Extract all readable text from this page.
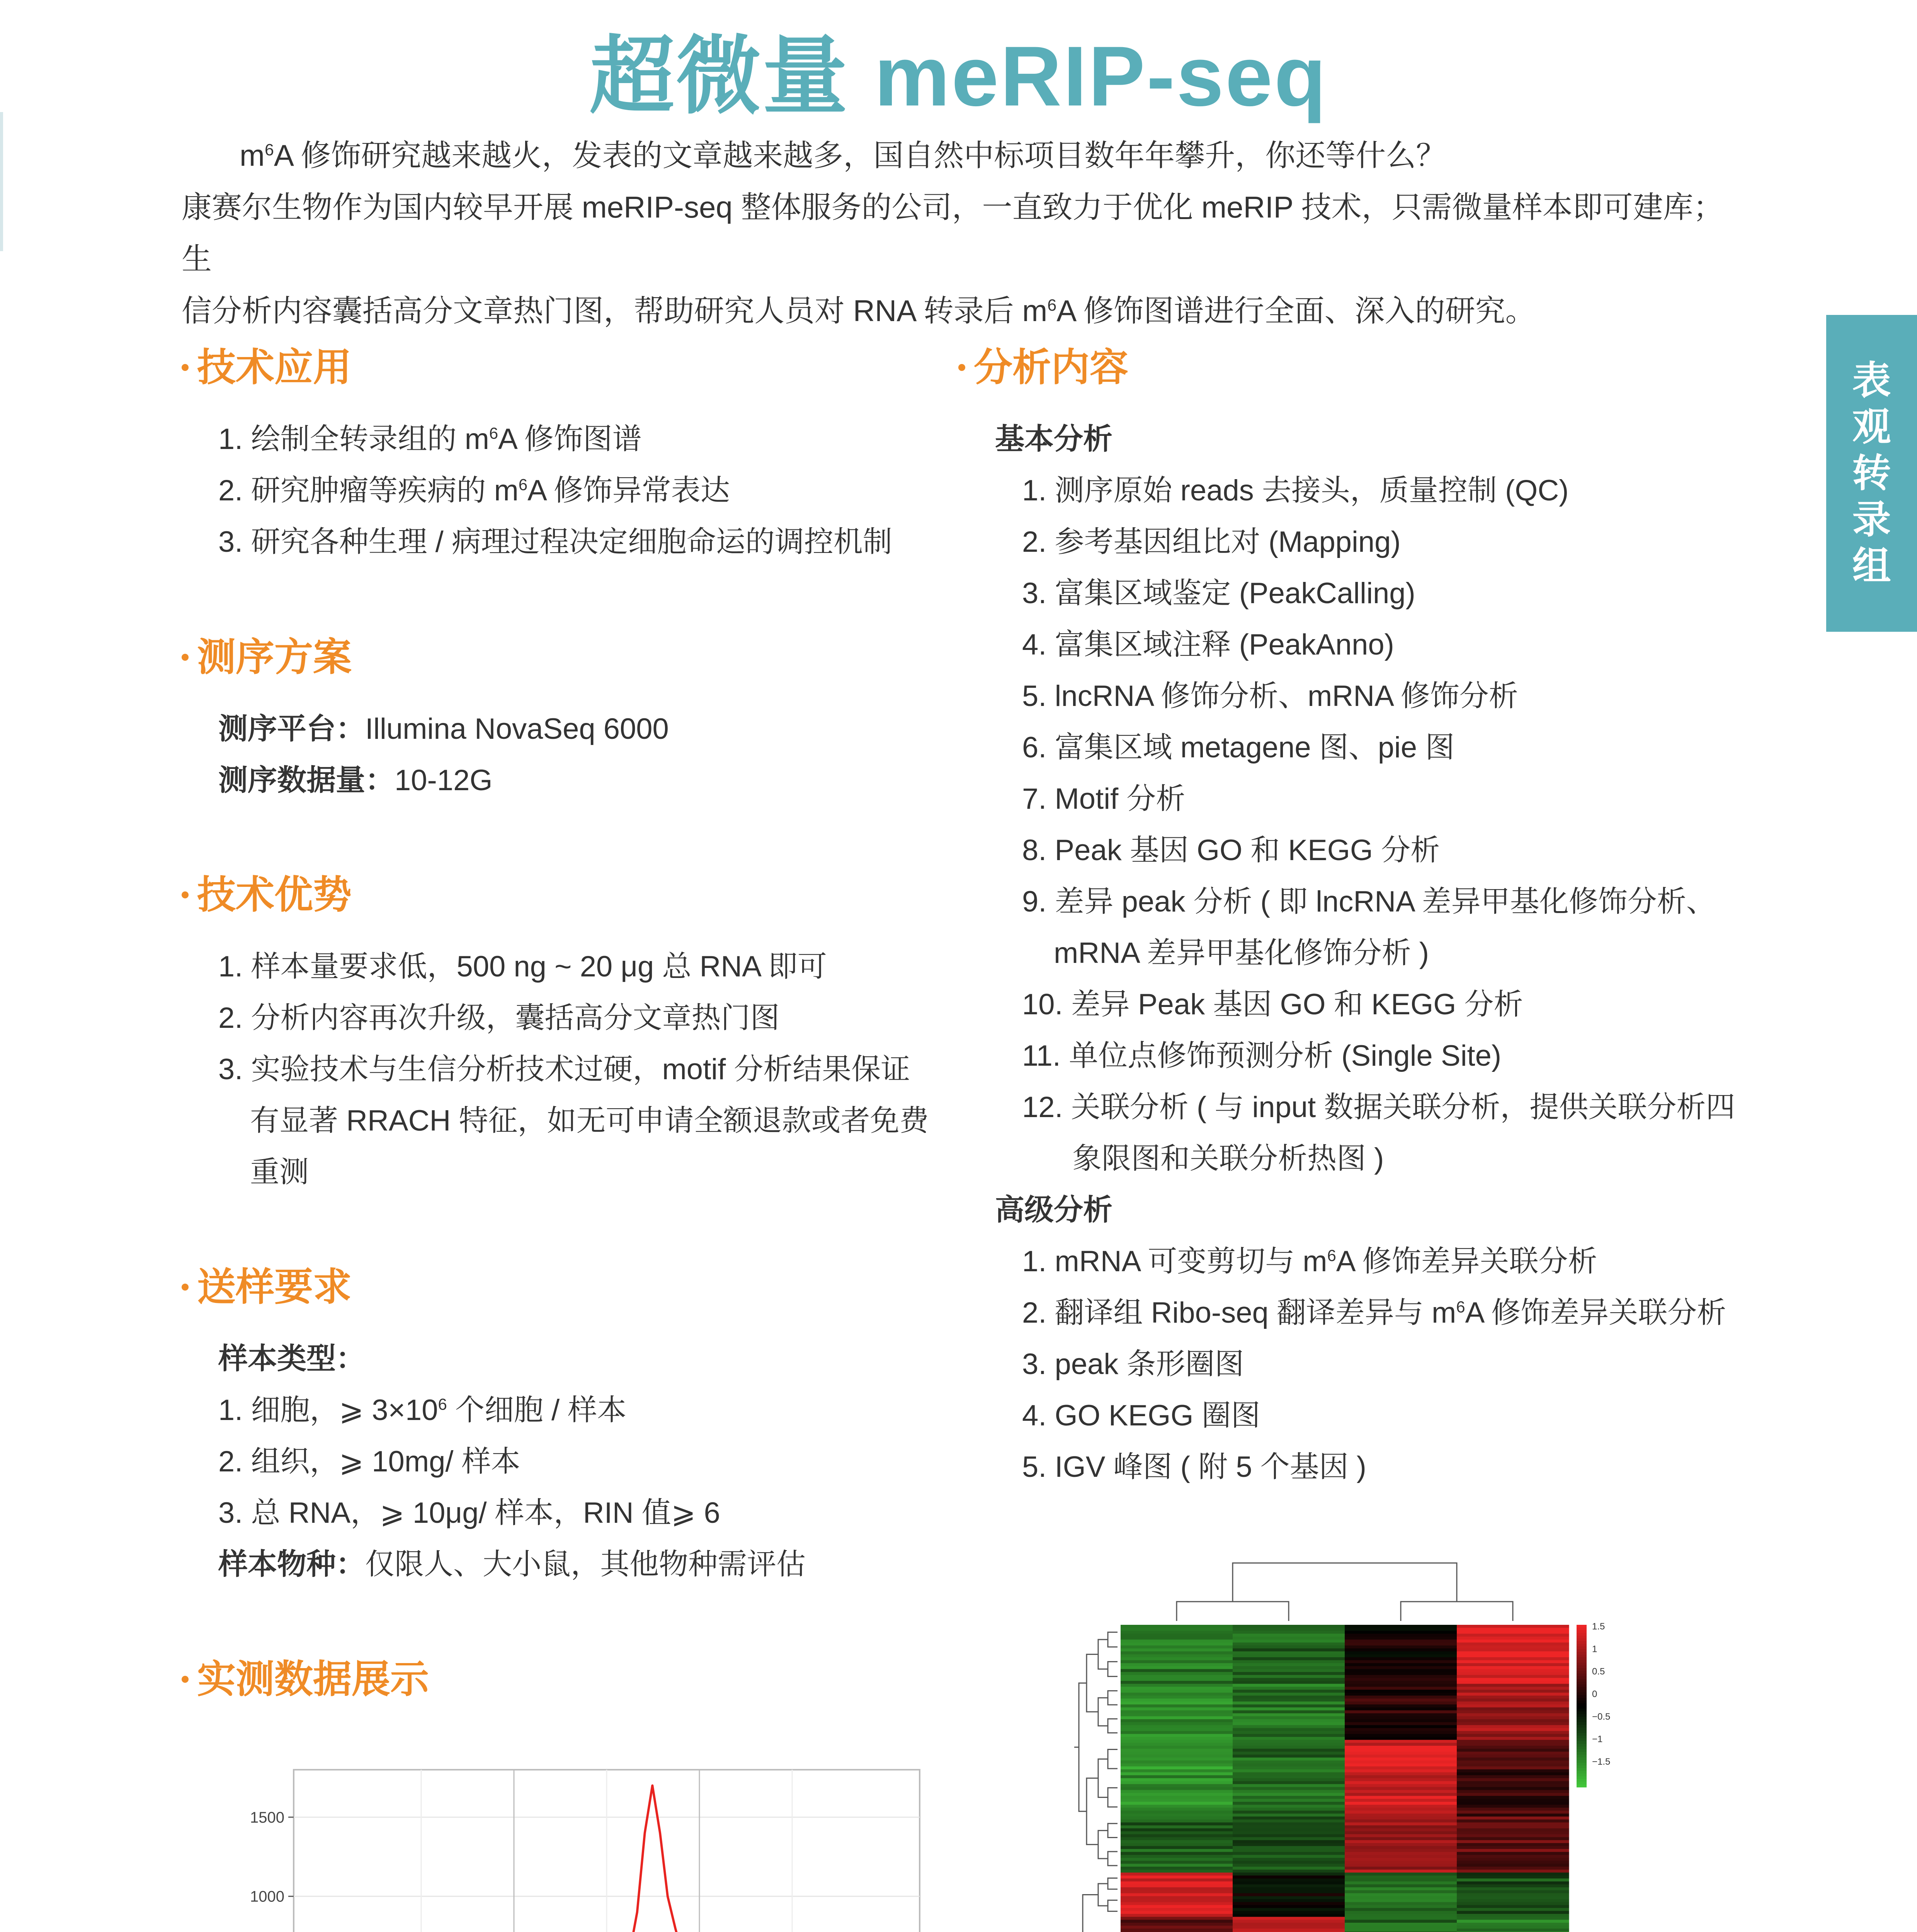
超微量 meRIP-seq

$m^6A$ 修饰研究越来越火，发表的文章越来越多，国自然中标项目数年年攀升，你还等什么？

康赛尔生物作为国内较早开展 meRIP-seq 整体服务的公司，一直致力于优化 meRIP 技术，只需微量样本即可建库；生

信分析内容囊括高分文章热门图，帮助研究人员对 RNA 转录后 $m^6A$ 修饰图谱进行全面、深入的研究。

表
观
转
录
组
技术应用
1. 绘制全转录组的 $m^6A$ 修饰图谱
2. 研究肿瘤等疾病的 $m^6A$ 修饰异常表达
3. 研究各种生理 / 病理过程决定细胞命运的调控机制
测序方案
测序平台：Illumina NovaSeq 6000
测序数据量：10-12G
技术优势
1. 样本量要求低，500 ng ~ 20 μg 总 RNA 即可
2. 分析内容再次升级，囊括高分文章热门图
3. 实验技术与生信分析技术过硬，motif 分析结果保证
有显著 RRACH 特征，如无可申请全额退款或者免费
重测
送样要求
样本类型：
1. 细胞，⩾ $3\times 10^6$ 个细胞 / 样本
2. 组织，⩾ 10mg/ 样本
3. 总 RNA，⩾ 10μg/ 样本，RIN 值⩾ 6
样本物种：仅限人、大小鼠，其他物种需评估
实测数据展示
分析内容
基本分析
1. 测序原始 reads 去接头，质量控制 (QC)
2. 参考基因组比对 (Mapping)
3. 富集区域鉴定 (PeakCalling)
4. 富集区域注释 (PeakAnno)
5. lncRNA 修饰分析、mRNA 修饰分析
6. 富集区域 metagene 图、pie 图
7. Motif 分析
8. Peak 基因 GO 和 KEGG 分析
9. 差异 peak 分析 ( 即 lncRNA 差异甲基化修饰分析、
mRNA 差异甲基化修饰分析 )
10. 差异 Peak 基因 GO 和 KEGG 分析
11. 单位点修饰预测分析 (Single Site)
12. 关联分析 ( 与 input 数据关联分析，提供关联分析四
象限图和关联分析热图 )
高级分析
1. mRNA 可变剪切与 $m^6A$ 修饰差异关联分析
2. 翻译组 Ribo-seq 翻译差异与 $m^6A$ 修饰差异关联分析
3. peak 条形圈图
4. GO KEGG 圈图
5. IGV 峰图 ( 附 5 个基因 )
1000
1500
1.5
1
0.5
0
−0.5
−1
−1.5
